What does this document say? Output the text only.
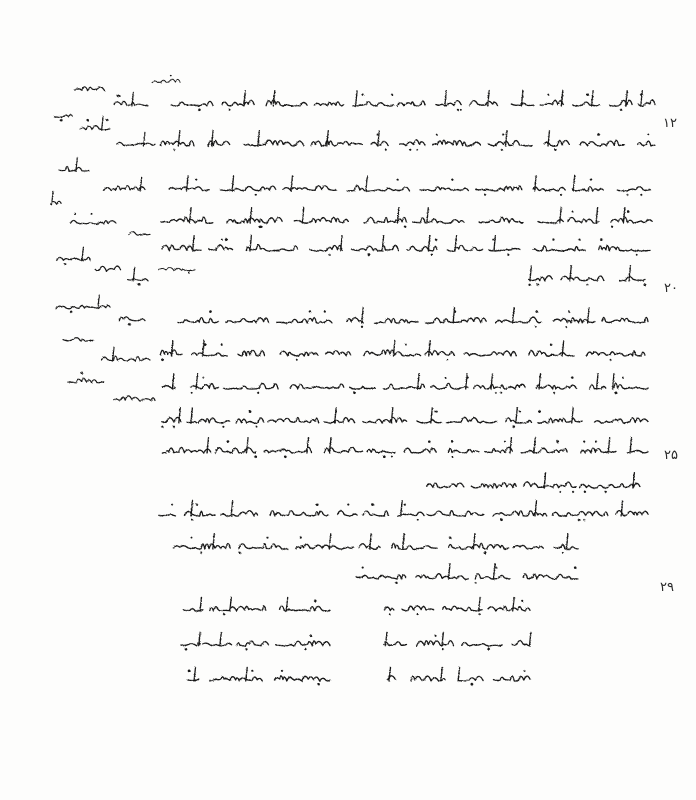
۱۲
۲۰
۲۵
۲۹
